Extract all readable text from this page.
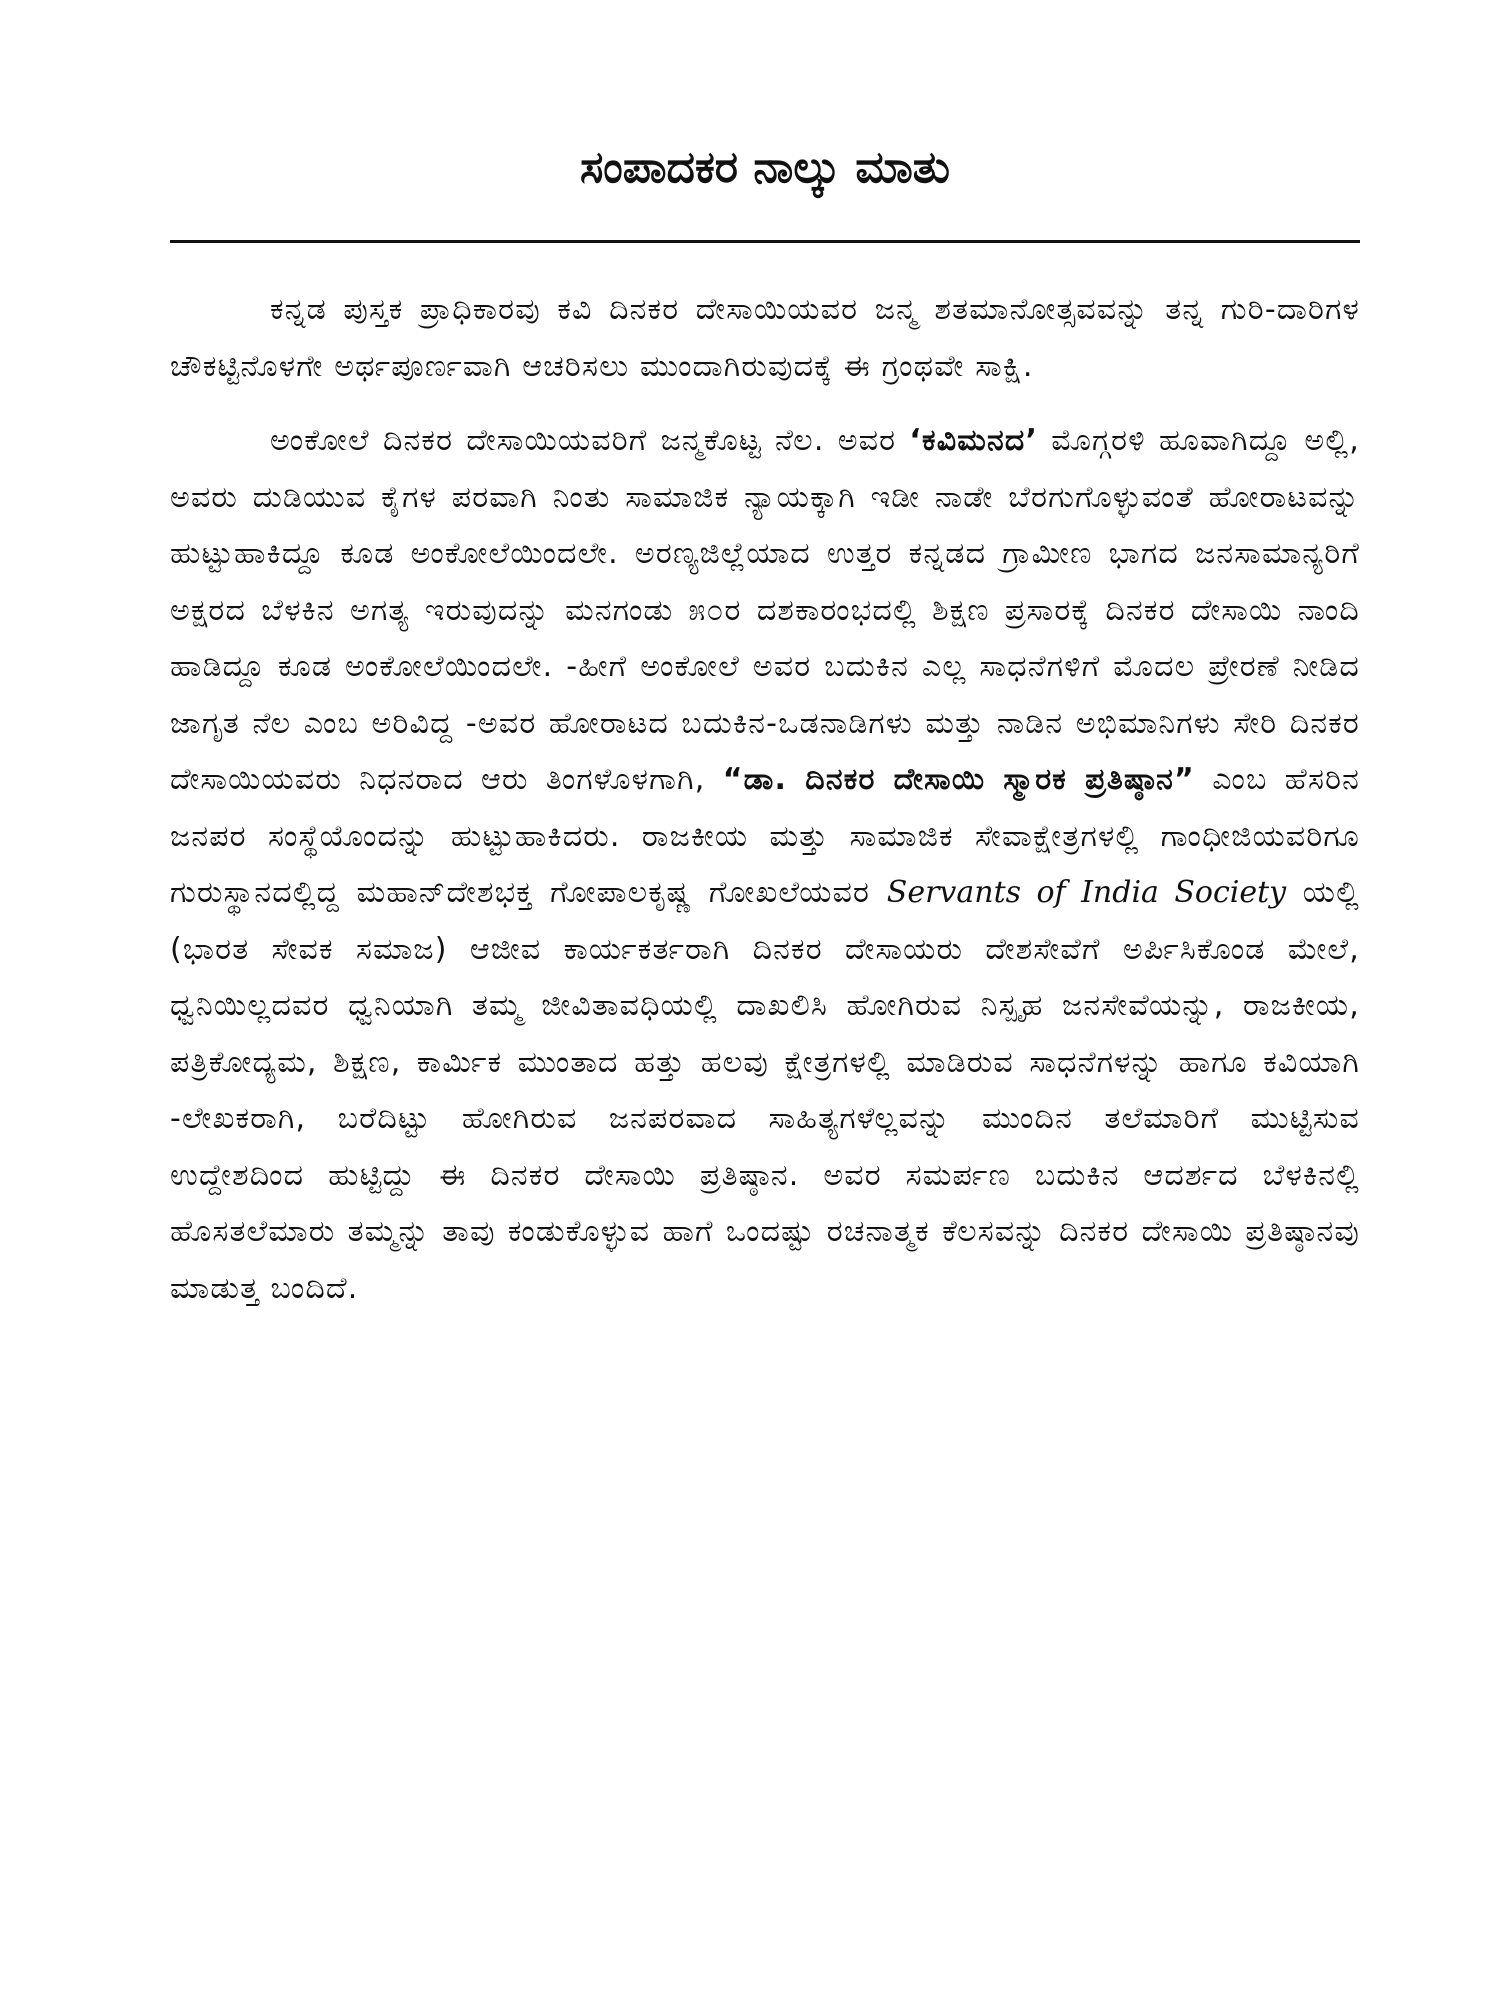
ಸಂಪಾದಕರ ನಾಲ್ಕು ಮಾತು

ಕನ್ನಡ ಪುಸ್ತಕ ಪ್ರಾಧಿಕಾರವು ಕವಿ ದಿನಕರ ದೇಸಾಯಿಯವರ ಜನ್ಮ ಶತಮಾನೋತ್ಸವವನ್ನು ತನ್ನ ಗುರಿ-ದಾರಿಗಳ ಚೌಕಟ್ಟಿನೊಳಗೇ ಅರ್ಥಪೂರ್ಣವಾಗಿ ಆಚರಿಸಲು ಮುಂದಾಗಿರುವುದಕ್ಕೆ ಈ ಗ್ರಂಥವೇ ಸಾಕ್ಷಿ.

ಅಂಕೋಲೆ ದಿನಕರ ದೇಸಾಯಿಯವರಿಗೆ ಜನ್ಮಕೊಟ್ಟ ನೆಲ. ಅವರ ‘ಕವಿಮನದ’ ಮೊಗ್ಗರಳಿ ಹೂವಾಗಿದ್ದೂ ಅಲ್ಲಿ, ಅವರು ದುಡಿಯುವ ಕೈಗಳ ಪರವಾಗಿ ನಿಂತು ಸಾಮಾಜಿಕ ನ್ಯಾಯಕ್ಕಾಗಿ ಇಡೀ ನಾಡೇ ಬೆರಗುಗೊಳ್ಳುವಂತೆ ಹೋರಾಟವನ್ನು ಹುಟ್ಟುಹಾಕಿದ್ದೂ ಕೂಡ ಅಂಕೋಲೆಯಿಂದಲೇ. ಅರಣ್ಯಜಿಲ್ಲೆಯಾದ ಉತ್ತರ ಕನ್ನಡದ ಗ್ರಾಮೀಣ ಭಾಗದ ಜನಸಾಮಾನ್ಯರಿಗೆ ಅಕ್ಷರದ ಬೆಳಕಿನ ಅಗತ್ಯ ಇರುವುದನ್ನು ಮನಗಂಡು ೫೦ರ ದಶಕಾರಂಭದಲ್ಲಿ ಶಿಕ್ಷಣ ಪ್ರಸಾರಕ್ಕೆ ದಿನಕರ ದೇಸಾಯಿ ನಾಂದಿ ಹಾಡಿದ್ದೂ ಕೂಡ ಅಂಕೋಲೆಯಿಂದಲೇ. -ಹೀಗೆ ಅಂಕೋಲೆ ಅವರ ಬದುಕಿನ ಎಲ್ಲ ಸಾಧನೆಗಳಿಗೆ ಮೊದಲ ಪ್ರೇರಣೆ ನೀಡಿದ ಜಾಗೃತ ನೆಲ ಎಂಬ ಅರಿವಿದ್ದ -ಅವರ ಹೋರಾಟದ ಬದುಕಿನ-ಒಡನಾಡಿಗಳು ಮತ್ತು ನಾಡಿನ ಅಭಿಮಾನಿಗಳು ಸೇರಿ ದಿನಕರ ದೇಸಾಯಿಯವರು ನಿಧನರಾದ ಆರು ತಿಂಗಳೊಳಗಾಗಿ, “ಡಾ. ದಿನಕರ ದೇಸಾಯಿ ಸ್ಮಾರಕ ಪ್ರತಿಷ್ಠಾನ” ಎಂಬ ಹೆಸರಿನ ಜನಪರ ಸಂಸ್ಥೆಯೊಂದನ್ನು ಹುಟ್ಟುಹಾಕಿದರು. ರಾಜಕೀಯ ಮತ್ತು ಸಾಮಾಜಿಕ ಸೇವಾಕ್ಷೇತ್ರಗಳಲ್ಲಿ ಗಾಂಧೀಜಿಯವರಿಗೂ ಗುರುಸ್ಥಾನದಲ್ಲಿದ್ದ ಮಹಾನ್‌ದೇಶಭಕ್ತ ಗೋಪಾಲಕೃಷ್ಣ ಗೋಖಲೆಯವರ Servants of India Society ಯಲ್ಲಿ (ಭಾರತ ಸೇವಕ ಸಮಾಜ) ಆಜೀವ ಕಾರ್ಯಕರ್ತರಾಗಿ ದಿನಕರ ದೇಸಾಯರು ದೇಶಸೇವೆಗೆ ಅರ್ಪಿಸಿಕೊಂಡ ಮೇಲೆ, ಧ್ವನಿಯಿಲ್ಲದವರ ಧ್ವನಿಯಾಗಿ ತಮ್ಮ ಜೀವಿತಾವಧಿಯಲ್ಲಿ ದಾಖಲಿಸಿ ಹೋಗಿರುವ ನಿಸ್ಪೃಹ ಜನಸೇವೆಯನ್ನು, ರಾಜಕೀಯ, ಪತ್ರಿಕೋದ್ಯಮ, ಶಿಕ್ಷಣ, ಕಾರ್ಮಿಕ ಮುಂತಾದ ಹತ್ತು ಹಲವು ಕ್ಷೇತ್ರಗಳಲ್ಲಿ ಮಾಡಿರುವ ಸಾಧನೆಗಳನ್ನು ಹಾಗೂ ಕವಿಯಾಗಿ -ಲೇಖಕರಾಗಿ, ಬರೆದಿಟ್ಟು ಹೋಗಿರುವ ಜನಪರವಾದ ಸಾಹಿತ್ಯಗಳೆಲ್ಲವನ್ನು ಮುಂದಿನ ತಲೆಮಾರಿಗೆ ಮುಟ್ಟಿಸುವ ಉದ್ದೇಶದಿಂದ ಹುಟ್ಟಿದ್ದು ಈ ದಿನಕರ ದೇಸಾಯಿ ಪ್ರತಿಷ್ಠಾನ. ಅವರ ಸಮರ್ಪಣ ಬದುಕಿನ ಆದರ್ಶದ ಬೆಳಕಿನಲ್ಲಿ ಹೊಸತಲೆಮಾರು ತಮ್ಮನ್ನು ತಾವು ಕಂಡುಕೊಳ್ಳುವ ಹಾಗೆ ಒಂದಷ್ಟು ರಚನಾತ್ಮಕ ಕೆಲಸವನ್ನು ದಿನಕರ ದೇಸಾಯಿ ಪ್ರತಿಷ್ಠಾನವು ಮಾಡುತ್ತ ಬಂದಿದೆ.
